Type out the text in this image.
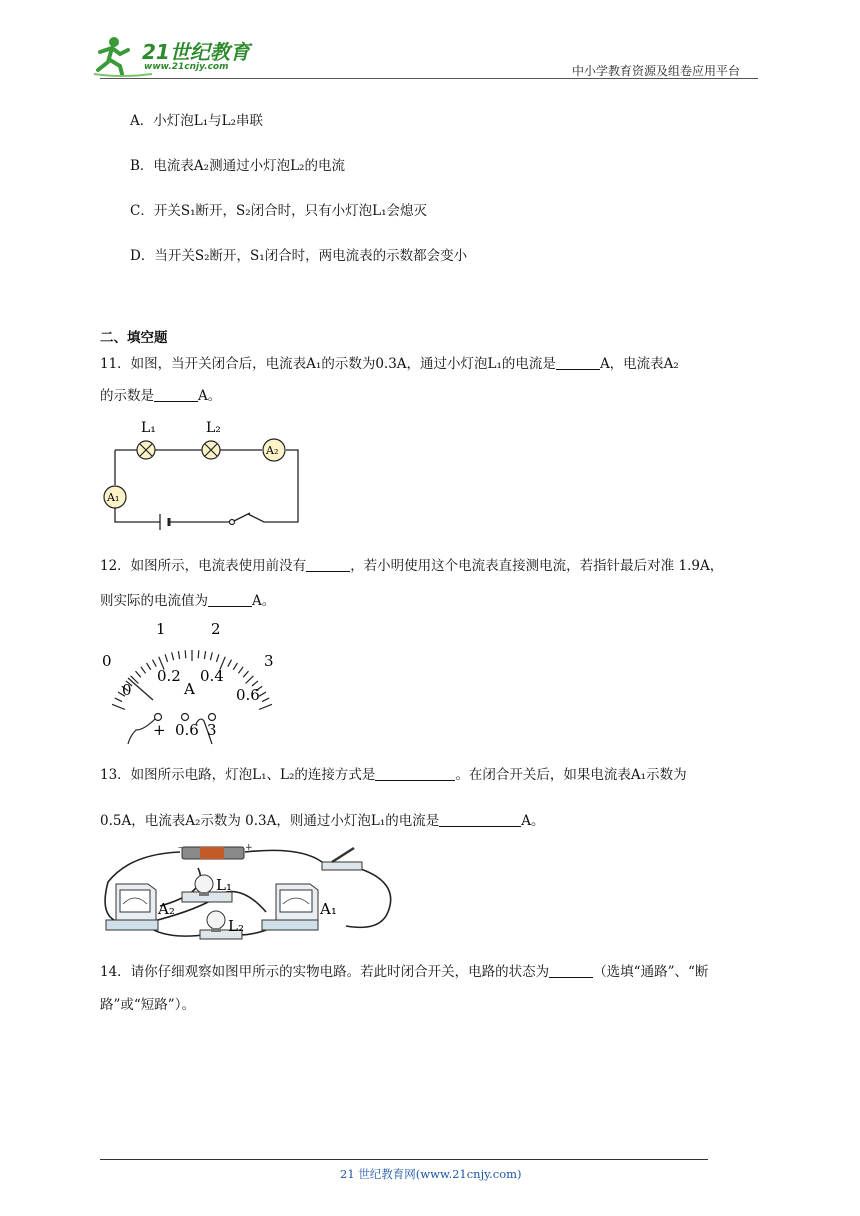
21世纪教育
www.21cnjy.com	中小学教育资源及组卷应用平台
A．小灯泡L₁与L₂串联
B．电流表A₂测通过小灯泡L₂的电流
C．开关S₁断开，S₂闭合时，只有小灯泡L₁会熄灭
D．当开关S₂断开，S₁闭合时，两电流表的示数都会变小
二、填空题
11．如图，当开关闭合后，电流表A₁的示数为0.3A，通过小灯泡L₁的电流是	A，电流表A₂
的示数是	A。
L₁	L₂
A₂
A₁
12．如图所示，电流表使用前没有	，若小明使用这个电流表直接测电流，若指针最后对准 1.9A，
则实际的电流值为	A。
0
1	2
3
0
0.2 0.4
0.6
A
+ 0.6 3
13．如图所示电路，灯泡L₁、L₂的连接方式是	。在闭合开关后，如果电流表A₁示数为
0.5A，电流表A₂示数为 0.3A，则通过小灯泡L₁的电流是	A。
–	+
L₁
L₂
A₂	A₁
14．请你仔细观察如图甲所示的实物电路。若此时闭合开关，电路的状态为	（选填“通路”、“断
路”或“短路”）。
21 世纪教育网(www.21cnjy.com)
